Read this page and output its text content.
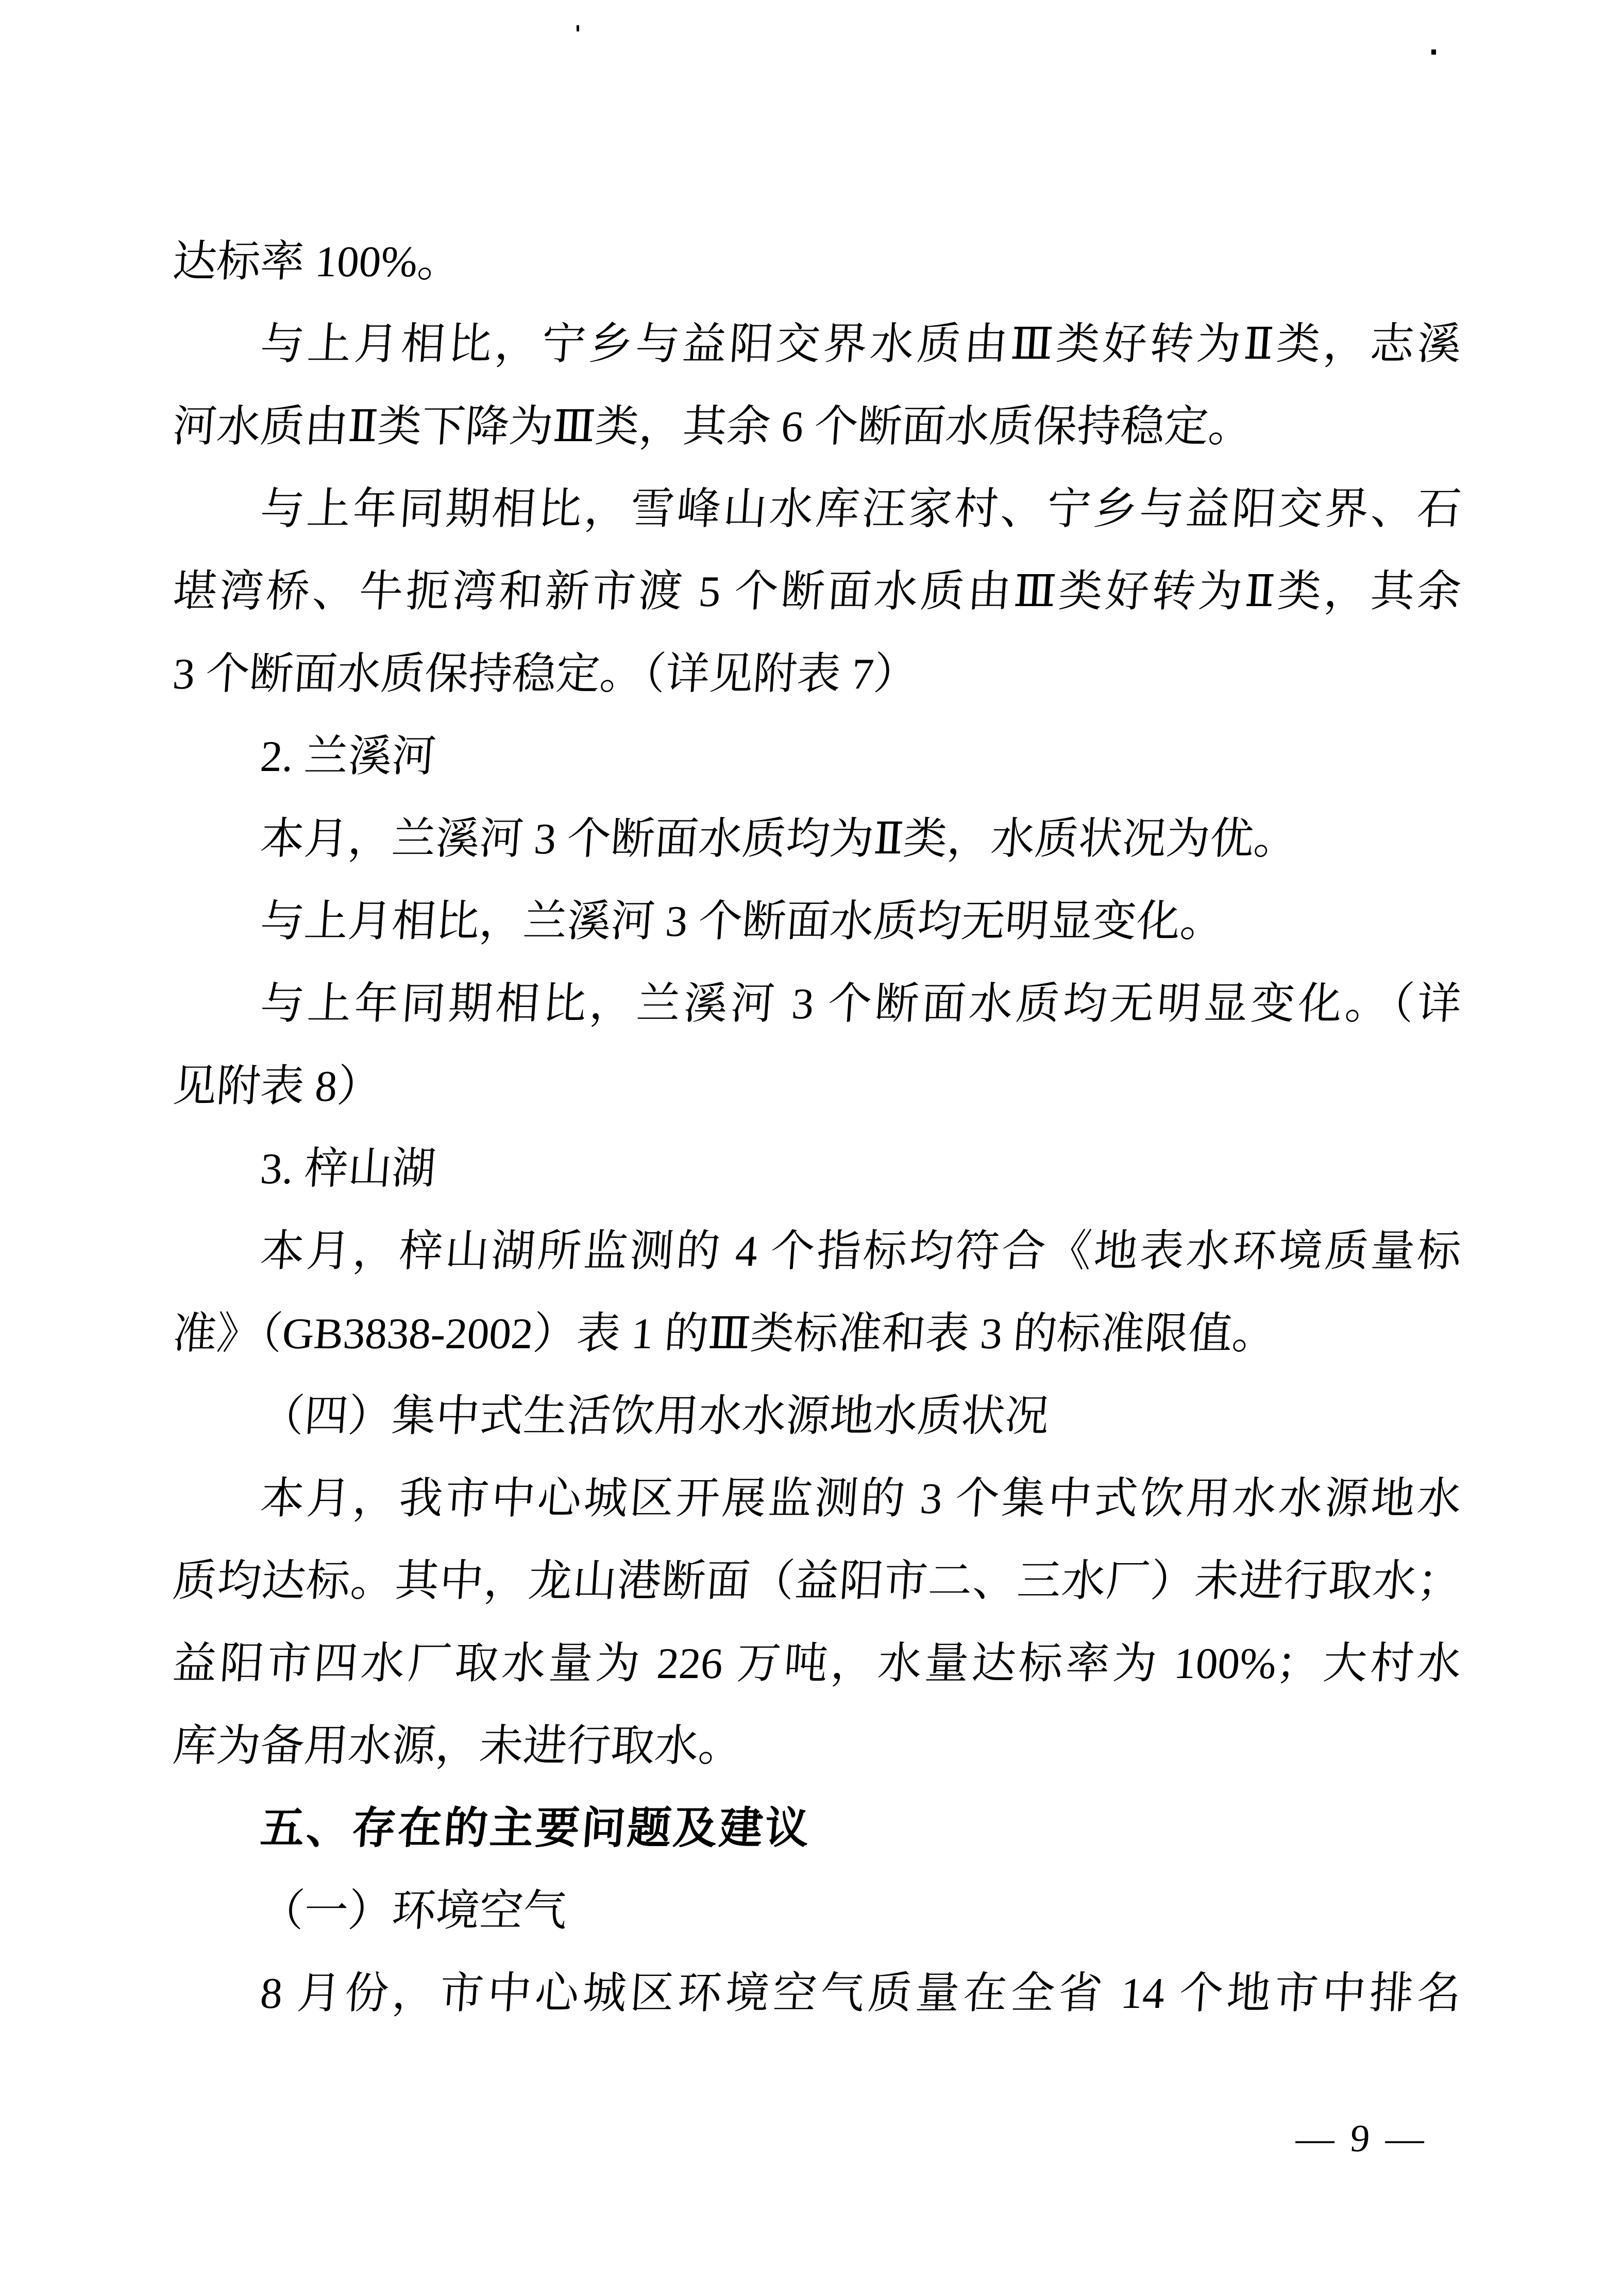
达标率 100%。
与上月相比，宁乡与益阳交界水质由Ⅲ类好转为Ⅱ类，志溪
河水质由Ⅱ类下降为Ⅲ类，其余 6 个断面水质保持稳定。
与上年同期相比，雪峰山水库汪家村、宁乡与益阳交界、石
堪湾桥、牛扼湾和新市渡 5 个断面水质由Ⅲ类好转为Ⅱ类，其余
3 个断面水质保持稳定。（详见附表 7）
2. 兰溪河
本月，兰溪河 3 个断面水质均为Ⅱ类，水质状况为优。
与上月相比，兰溪河 3 个断面水质均无明显变化。
与上年同期相比，兰溪河 3 个断面水质均无明显变化。（详
见附表 8）
3. 梓山湖
本月，梓山湖所监测的 4 个指标均符合《地表水环境质量标
准》（GB3838-2002）表 1 的Ⅲ类标准和表 3 的标准限值。
（四）集中式生活饮用水水源地水质状况
本月，我市中心城区开展监测的 3 个集中式饮用水水源地水
质均达标。其中，龙山港断面（益阳市二、三水厂）未进行取水；
益阳市四水厂取水量为 226 万吨，水量达标率为 100%；大村水
库为备用水源，未进行取水。
五、存在的主要问题及建议
（一）环境空气
8 月份，市中心城区环境空气质量在全省 14 个地市中排名
— 9 —
